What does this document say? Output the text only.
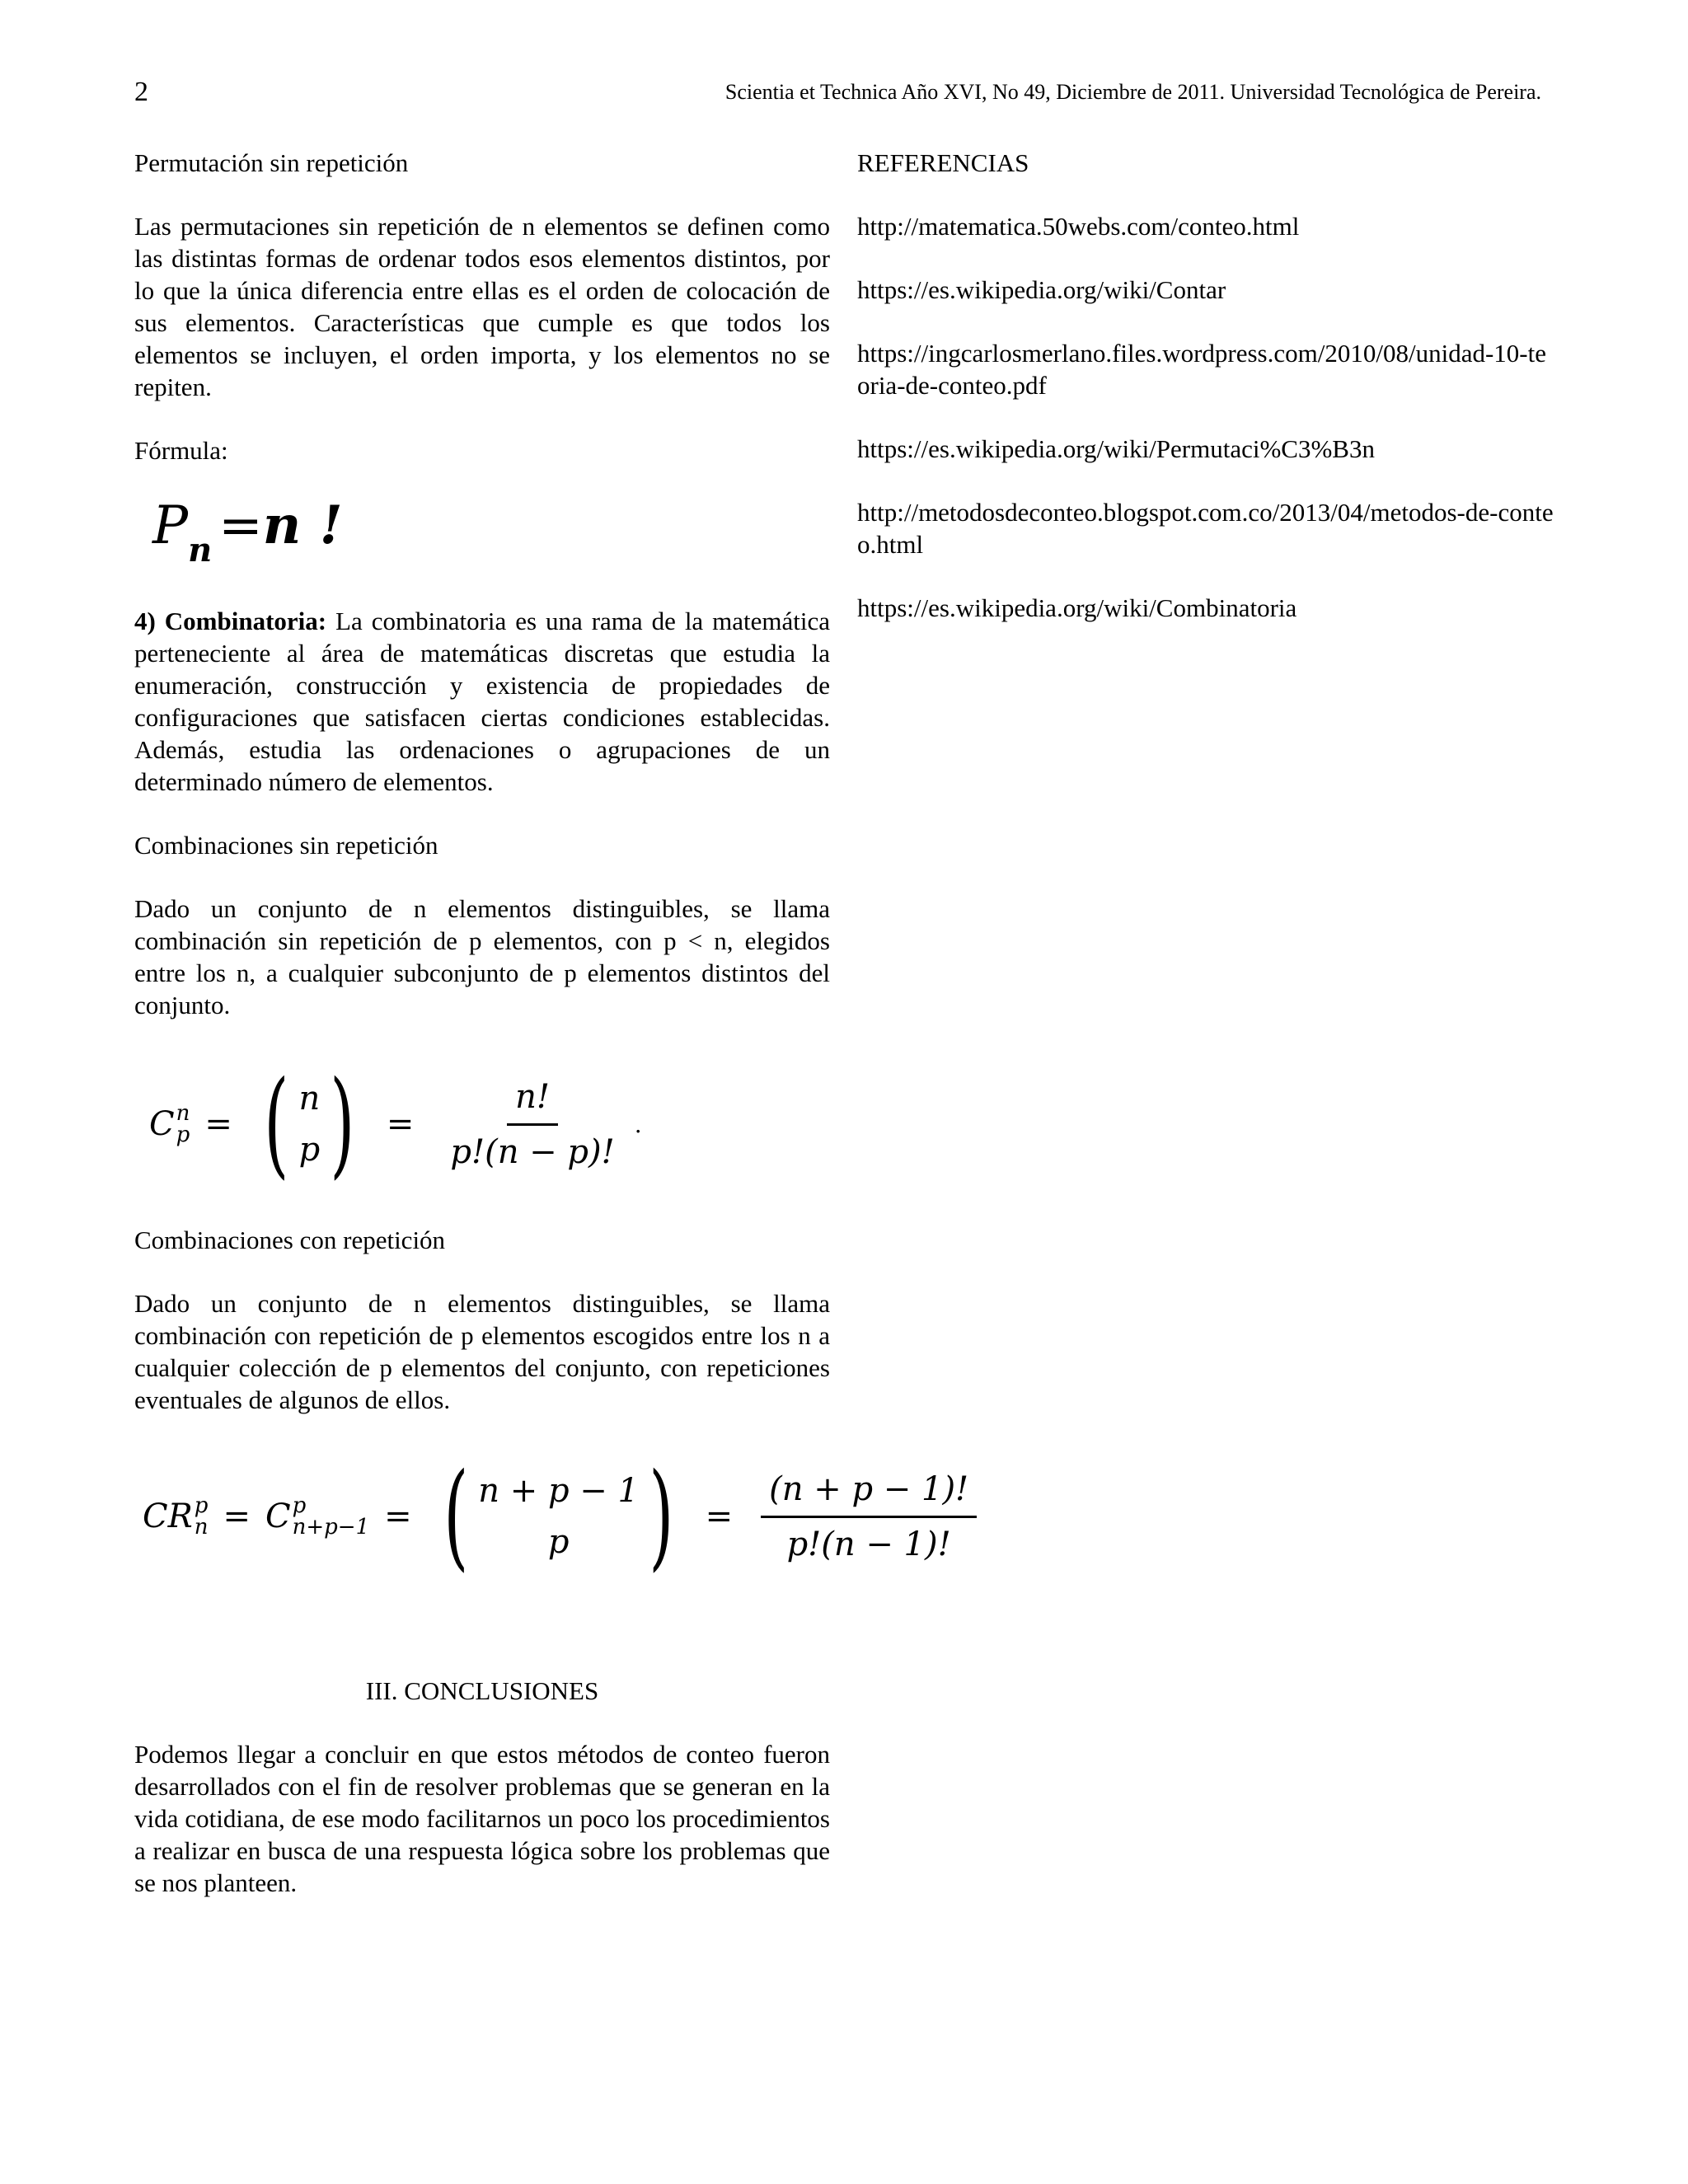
2	Scientia et Technica Año XVI, No 49, Diciembre de 2011. Universidad Tecnológica de Pereira.

Permutación sin repetición

Las permutaciones sin repetición de n elementos se definen como las distintas formas de ordenar todos esos elementos distintos, por lo que la única diferencia entre ellas es el orden de colocación de sus elementos. Características que cumple es que todos los elementos se incluyen, el orden importa, y los elementos no se repiten.

Fórmula:

$P_n =n$ !

4) Combinatoria: La combinatoria es una rama de la matemática perteneciente al área de matemáticas discretas que estudia la enumeración, construcción y existencia de propiedades de configuraciones que satisfacen ciertas condiciones establecidas. Además, estudia las ordenaciones o agrupaciones de un determinado número de elementos.

Combinaciones sin repetición

Dado un conjunto de n elementos distinguibles, se llama combinación sin repetición de p elementos, con p < n, elegidos entre los n, a cualquier subconjunto de p elementos distintos del conjunto.

C n
p = ( n
p ) = $\frac{n!}{p!(n - p)!}$ .

Combinaciones con repetición

Dado un conjunto de n elementos distinguibles, se llama combinación con repetición de p elementos escogidos entre los n a cualquier colección de p elementos del conjunto, con repeticiones eventuales de algunos de ellos.

CR p
n = C p
n+p−1 = ( n + p − 1
p ) = $\frac{(n + p - 1)!}{p!(n - 1)!}$

III. CONCLUSIONES

Podemos llegar a concluir en que estos métodos de conteo fueron desarrollados con el fin de resolver problemas que se generan en la vida cotidiana, de ese modo facilitarnos un poco los procedimientos a realizar en busca de una respuesta lógica sobre los problemas que se nos planteen.

REFERENCIAS

http://matematica.50webs.com/conteo.html

https://es.wikipedia.org/wiki/Contar

https://ingcarlosmerlano.files.wordpress.com/2010/08/unidad-10-teoria-de-conteo.pdf

https://es.wikipedia.org/wiki/Permutaci%C3%B3n

http://metodosdeconteo.blogspot.com.co/2013/04/metodos-de-conteo.html

https://es.wikipedia.org/wiki/Combinatoria
